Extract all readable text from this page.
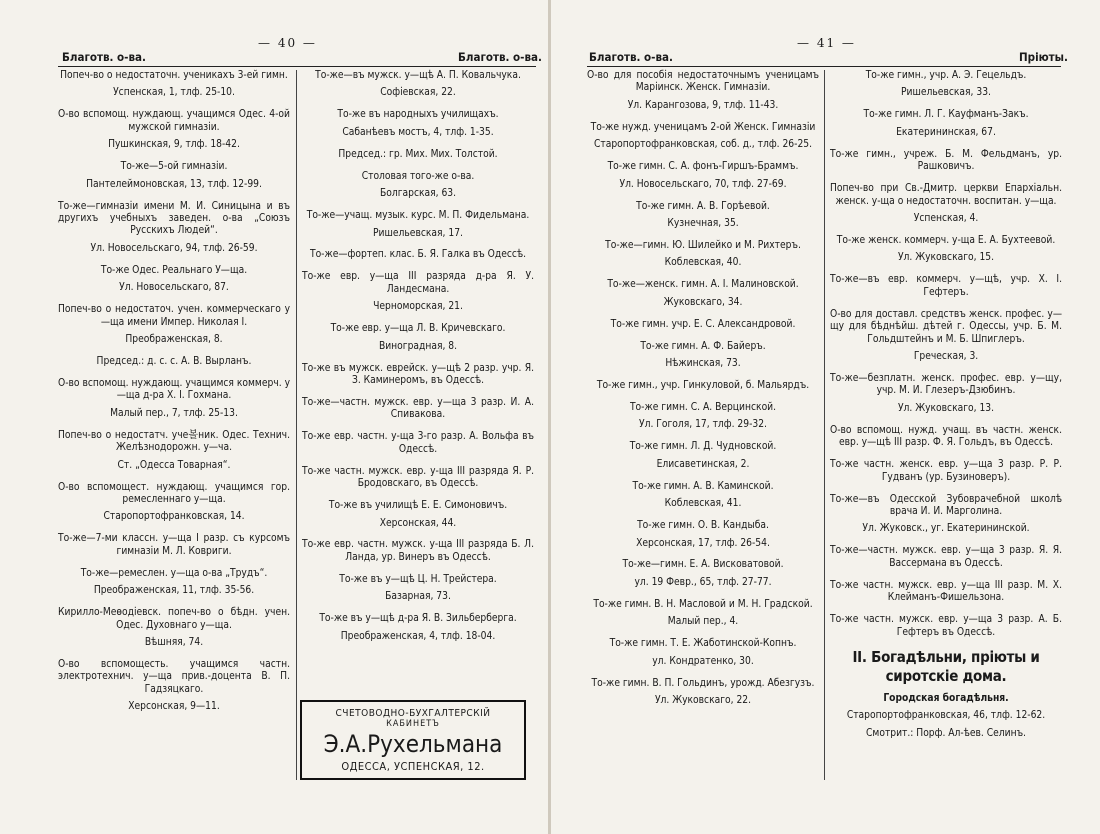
— 40 —
Благотв. о-ва.	Благотв. о-ва.
Попеч-во о недостаточн. ученикахъ 3-ей гимн.
Успенская, 1, тлф. 25-10.
О-во вспомощ. нуждающ. учащимся Одес. 4-ой мужской гимназіи.
Пушкинская, 9, тлф. 18-42.
То-же—5-ой гимназіи.
Пантелеймоновская, 13, тлф. 12-99.
То-же—гимназіи имени М. И. Синицына и въ другихъ учебныхъ заведен. о-ва „Союзъ Русскихъ Людей“.
Ул. Новосельскаго, 94, тлф. 26-59.
То-же Одес. Реальнаго У—ща.
Ул. Новосельскаго, 87.
Попеч-во о недостаточ. учен. коммерческаго у—ща имени Импер. Николая I.
Преображенская, 8.
Председ.: д. с. с. А. В. Вырланъ.
О-во вспомощ. нуждающ. учащимся коммерч. у—ща д-ра Х. I. Гохмана.
Малый пер., 7, тлф. 25-13.
Попеч-во о недостатч. уче볼ник. Одес. Технич. Желѣзнодорожн. у—ча.
Ст. „Одесса Товарная“.
О-во вспомощест. нуждающ. учащимся гор. ремесленнаго у—ща.
Старопортофранковская, 14.
То-же—7-ми классн. у—ща I разр. съ курсомъ гимназіи М. Л. Ковриги.
То-же—ремеслен. у—ща о-ва „Трудъ“.
Преображенская, 11, тлф. 35-56.
Кирилло-Меѳодіевск. попеч-во о бѣдн. учен. Одес. Духовнаго у—ща.
Вѣшняя, 74.
О-во вспомощесть. учащимся частн. электротехнич. у—ща прив.-доцента В. П. Гадзяцкаго.
Херсонская, 9—11.
То-же—въ мужск. у—щѣ А. П. Ковальчука.
Софіевская, 22.
То-же въ народныхъ училищахъ.
Сабанѣевъ мостъ, 4, тлф. 1-35.
Председ.: гр. Мих. Мих. Толстой.
Столовая того-же о-ва.
Болгарская, 63.
То-же—учащ. музык. курс. М. П. Фидельмана.
Ришельевская, 17.
То-же—фортеп. клас. Б. Я. Галка въ Одессѣ.
То-же евр. у—ща III разряда д-ра Я. У. Ландесмана.
Черноморская, 21.
То-же евр. у—ща Л. В. Кричевскаго.
Виноградная, 8.
То-же въ мужск. еврейск. у—щѣ 2 разр. учр. Я. З. Каминеромъ, въ Одессѣ.
То-же—частн. мужск. евр. у—ща 3 разр. И. А. Спивакова.
То-же евр. частн. у-ща 3-го разр. А. Вольфа въ Одессѣ.
То-же частн. мужск. евр. у-ща III разряда Я. Р. Бродовскаго, въ Одессѣ.
То-же въ училищѣ Е. Е. Симоновичъ.
Херсонская, 44.
То-же евр. частн. мужск. у-ща III разряда Б. Л. Ланда, ур. Винеръ въ Одессѣ.
То-же въ у—щѣ Ц. Н. Трейстера.
Базарная, 73.
То-же въ у—щѣ д-ра Я. В. Зильберберга.
Преображенская, 4, тлф. 18-04.
СЧЕТОВОДНО-БУХГАЛТЕРСКІЙ
КАБИНЕТЪ
Э.А.Рухельмана
ОДЕССА, УСПЕНСКАЯ, 12.
— 41 —
Благотв. о-ва.	Пріюты.
О-во для пособія недостаточнымъ ученицамъ Маріинск. Женск. Гимназіи.
Ул. Карангозова, 9, тлф. 11-43.
То-же нужд. ученицамъ 2-ой Женск. Гимназіи
Старопортофранковская, соб. д., тлф. 26-25.
То-же гимн. С. А. фонъ-Гиршъ-Браммъ.
Ул. Новосельскаго, 70, тлф. 27-69.
То-же гимн. А. В. Горѣевой.
Кузнечная, 35.
То-же—гимн. Ю. Шилейко и М. Рихтеръ.
Коблевская, 40.
То-же—женск. гимн. А. I. Малиновской.
Жуковскаго, 34.
То-же гимн. учр. Е. С. Александровой.
То-же гимн. А. Ф. Байеръ.
Нѣжинская, 73.
То-же гимн., учр. Гинкуловой, б. Мальярдъ.
То-же гимн. С. А. Верцинской.
Ул. Гоголя, 17, тлф. 29-32.
То-же гимн. Л. Д. Чудновской.
Елисаветинская, 2.
То-же гимн. А. В. Каминской.
Коблевская, 41.
То-же гимн. О. В. Кандыба.
Херсонская, 17, тлф. 26-54.
То-же—гимн. Е. А. Висковатовой.
ул. 19 Февр., 65, тлф. 27-77.
То-же гимн. В. Н. Масловой и М. Н. Градской.
Малый пер., 4.
То-же гимн. Т. Е. Жаботинской-Копнъ.
ул. Кондратенко, 30.
То-же гимн. В. П. Гольдинъ, урожд. Абезгузъ.
Ул. Жуковскаго, 22.
То-же гимн., учр. А. Э. Гецельдъ.
Ришельевская, 33.
То-же гимн. Л. Г. Кауфманъ-Закъ.
Екатерининская, 67.
То-же гимн., учреж. Б. М. Фельдманъ, ур. Рашковичъ.
Попеч-во при Св.-Дмитр. церкви Епархіальн. женск. у-ща о недостаточн. воспитан. у—ща.
Успенская, 4.
То-же женск. коммерч. у-ща Е. А. Бухтеевой.
Ул. Жуковскаго, 15.
То-же—въ евр. коммерч. у—щѣ, учр. Х. I. Гефтеръ.
О-во для доставл. средствъ женск. профес. у—щу для бѣднѣйш. дѣтей г. Одессы, учр. Б. М. Гольдштейнъ и М. Б. Шпиглеръ.
Греческая, 3.
То-же—безплатн. женск. профес. евр. у—щу, учр. М. И. Глезеръ-Дзюбинъ.
Ул. Жуковскаго, 13.
О-во вспомощ. нужд. учащ. въ частн. женск. евр. у—щѣ III разр. Ф. Я. Гольдъ, въ Одессѣ.
То-же частн. женск. евр. у—ща 3 разр. Р. Р. Гудванъ (ур. Бузиноверъ).
То-же—въ Одесской Зубоврачебной школѣ врача И. И. Марголина.
Ул. Жуковск., уг. Екатерининской.
То-же—частн. мужск. евр. у—ща 3 разр. Я. Я. Вассермана въ Одессѣ.
То-же частн. мужск. евр. у—ща III разр. М. Х. Клейманъ-Фишельзона.
То-же частн. мужск. евр. у—ща 3 разр. А. Б. Гефтеръ въ Одессѣ.
II. Богадѣльни, пріюты и сиротскіе дома.
Городская богадѣльня.
Старопортофранковская, 46, тлф. 12-62.
Смотрит.: Порф. Ал-ѣев. Селинъ.
